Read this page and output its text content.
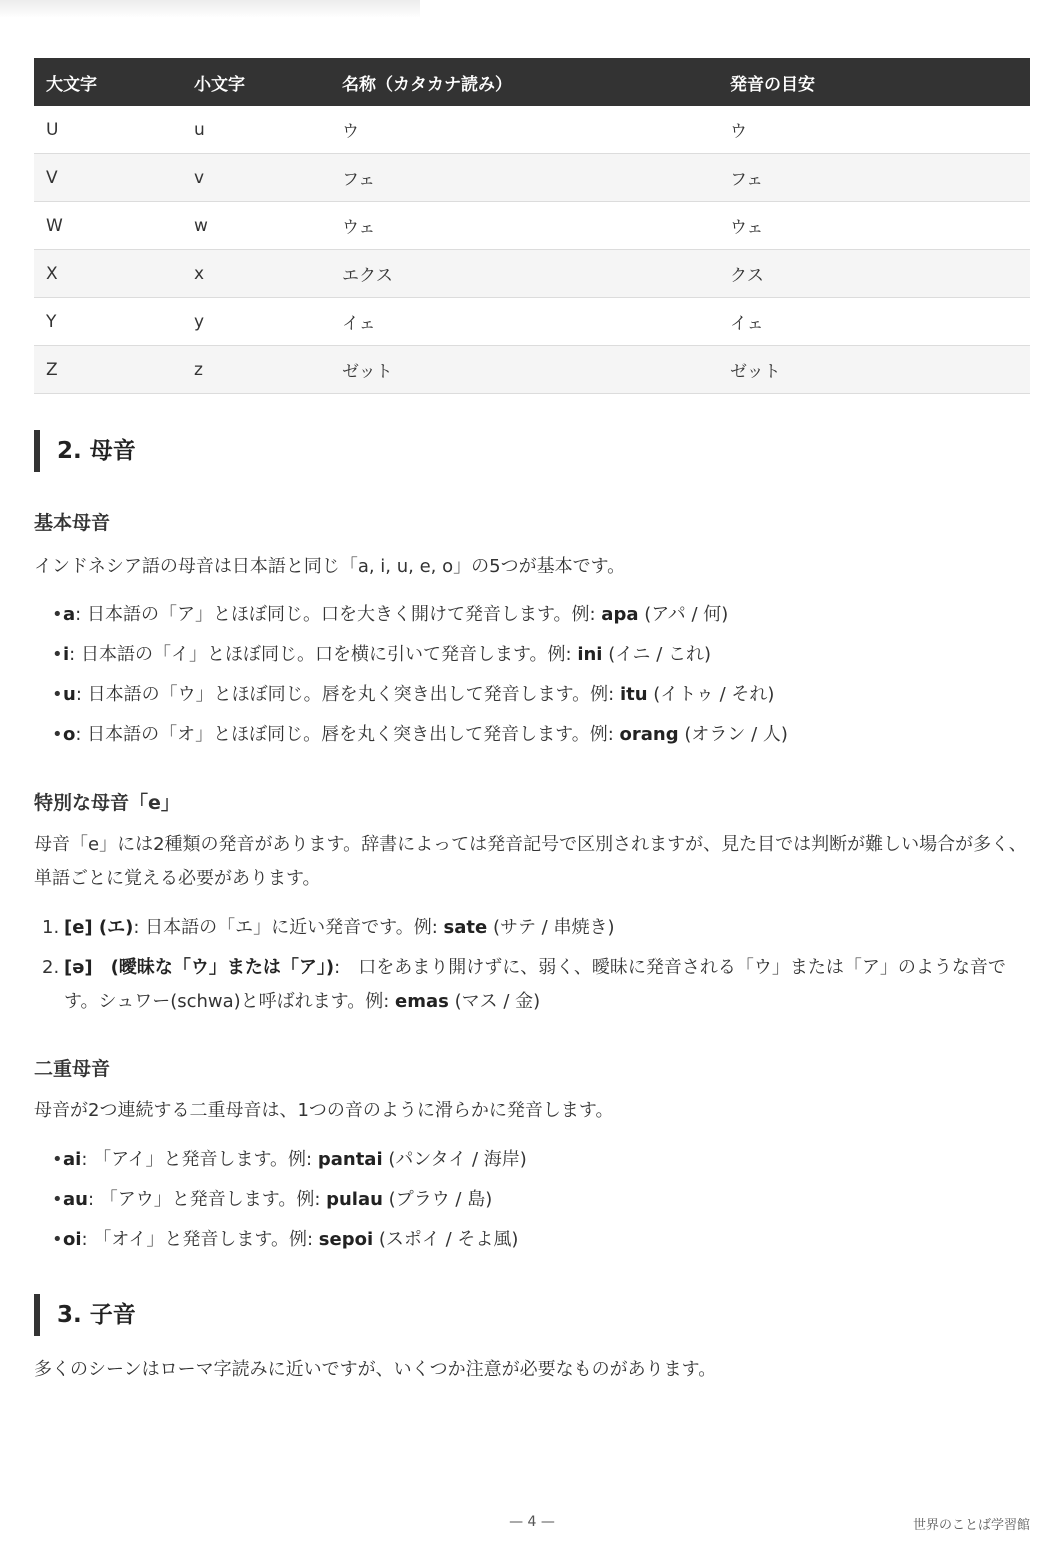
大文字	小文字	名称（カタカナ読み）	発音の目安
U	u	ウ	ウ
V	v	フェ	フェ
W	w	ウェ	ウェ
X	x	エクス	クス
Y	y	イェ	イェ
Z	z	ゼット	ゼット
2. 母音
基本母音

インドネシア語の母音は日本語と同じ「a, i, u, e, o」の5つが基本です。

• a: 日本語の「ア」とほぼ同じ。口を大きく開けて発音します。例: apa (アパ / 何)
• i: 日本語の「イ」とほぼ同じ。口を横に引いて発音します。例: ini (イニ / これ)
• u: 日本語の「ウ」とほぼ同じ。唇を丸く突き出して発音します。例: itu (イトゥ / それ)
• o: 日本語の「オ」とほぼ同じ。唇を丸く突き出して発音します。例: orang (オラン / 人)
特別な母音「e」

母音「e」には2種類の発音があります。辞書によっては発音記号で区別されますが、見た目では判断が難しい場合が多く、単語ごとに覚える必要があります。

1. [e] (エ): 日本語の「エ」に近い発音です。例: sate (サテ / 串焼き)
2. [ə]　(曖昧な「ウ」または「ア」):　口をあまり開けずに、弱く、曖昧に発音される「ウ」または「ア」のような音です。シュワー(schwa)と呼ばれます。例: emas (マス / 金)
二重母音

母音が2つ連続する二重母音は、1つの音のように滑らかに発音します。

• ai: 「アイ」と発音します。例: pantai (パンタイ / 海岸)
• au: 「アウ」と発音します。例: pulau (プラウ / 島)
• oi: 「オイ」と発音します。例: sepoi (スポイ / そよ風)
3. 子音

多くのシーンはローマ字読みに近いですが、いくつか注意が必要なものがあります。

— 4 —	世界のことば学習館
